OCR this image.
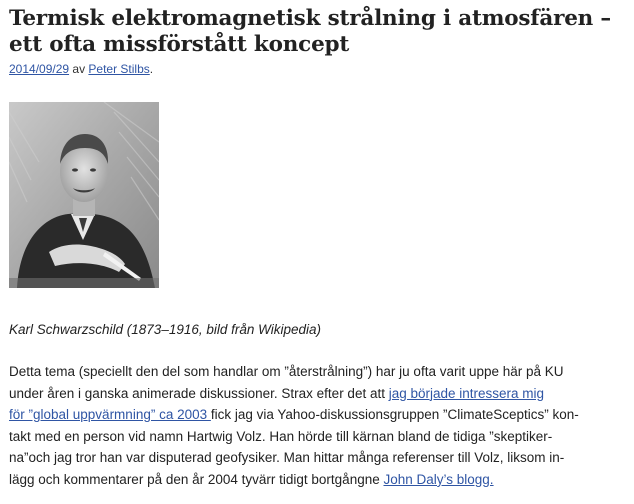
Termisk elektromagnetisk strålning i atmosfären – ett ofta missförstått koncept
2014/09/29 av Peter Stilbs.

Karl Schwarzschild (1873–1916, bild från Wikipedia)

Detta tema (speciellt den del som handlar om ”återstrålning”) har ju ofta varit uppe här på KU
under åren i ganska animerade diskussioner. Strax efter det att jag började intressera mig
för ”global uppvärmning” ca 2003 fick jag via Yahoo-diskussionsgruppen ”ClimateSceptics” kon-
takt med en person vid namn Hartwig Volz. Han hörde till kärnan bland de tidiga ”skeptiker-
na”och jag tror han var disputerad geofysiker. Man hittar många referenser till Volz, liksom in-
lägg och kommentarer på den år 2004 tyvärr tidigt bortgångne John Daly’s blogg.
